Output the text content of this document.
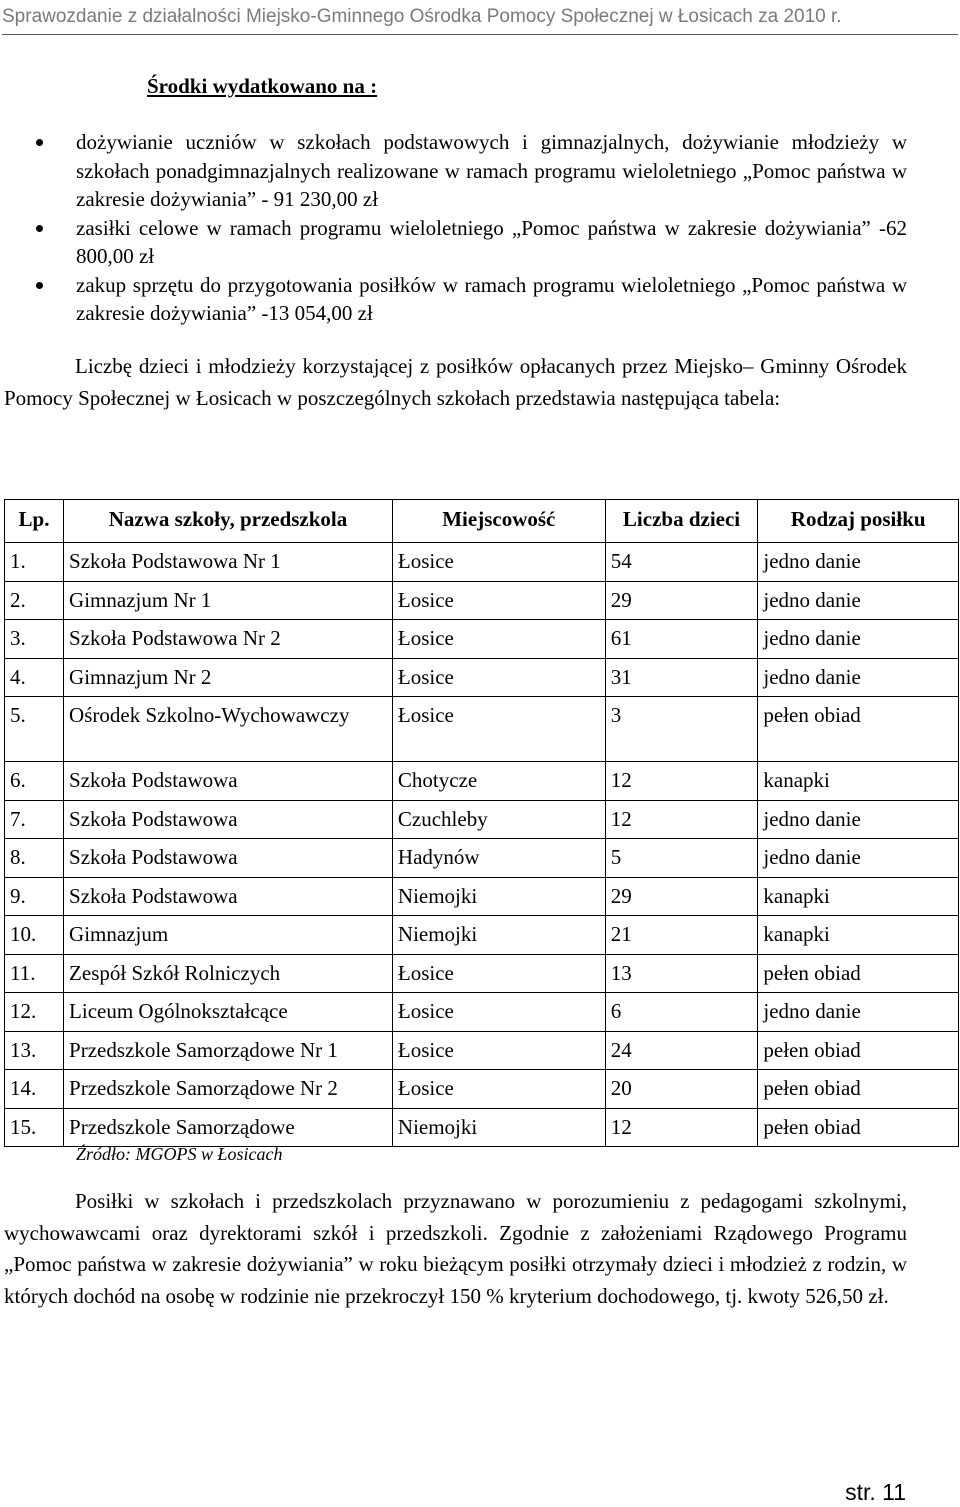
Sprawozdanie z działalności Miejsko-Gminnego Ośrodka Pomocy Społecznej w Łosicach za 2010 r.
Środki wydatkowano na :
dożywianie uczniów w szkołach podstawowych i gimnazjalnych, dożywianie młodzieży w szkołach ponadgimnazjalnych realizowane w ramach programu wieloletniego „Pomoc państwa w zakresie dożywiania” - 91 230,00 zł
zasiłki celowe w ramach programu wieloletniego „Pomoc państwa w zakresie dożywiania” -62 800,00 zł
zakup sprzętu do przygotowania posiłków w ramach programu wieloletniego „Pomoc państwa w zakresie dożywiania” -13 054,00 zł

Liczbę dzieci i młodzieży korzystającej z posiłków opłacanych przez Miejsko– Gminny Ośrodek Pomocy Społecznej w Łosicach w poszczególnych szkołach przedstawia następująca tabela:

Lp.	Nazwa szkoły, przedszkola	Miejscowość	Liczba dzieci	Rodzaj posiłku
1.	Szkoła Podstawowa Nr 1	Łosice	54	jedno danie
2.	Gimnazjum Nr 1	Łosice	29	jedno danie
3.	Szkoła Podstawowa Nr 2	Łosice	61	jedno danie
4.	Gimnazjum Nr 2	Łosice	31	jedno danie
5.	Ośrodek Szkolno-Wychowawczy	Łosice	3	pełen obiad
6.	Szkoła Podstawowa	Chotycze	12	kanapki
7.	Szkoła Podstawowa	Czuchleby	12	jedno danie
8.	Szkoła Podstawowa	Hadynów	5	jedno danie
9.	Szkoła Podstawowa	Niemojki	29	kanapki
10.	Gimnazjum	Niemojki	21	kanapki
11.	Zespół Szkół Rolniczych	Łosice	13	pełen obiad
12.	Liceum Ogólnokształcące	Łosice	6	jedno danie
13.	Przedszkole Samorządowe Nr 1	Łosice	24	pełen obiad
14.	Przedszkole Samorządowe Nr 2	Łosice	20	pełen obiad
15.	Przedszkole Samorządowe	Niemojki	12	pełen obiad
Źródło: MGOPS w Łosicach

Posiłki w szkołach i przedszkolach przyznawano w porozumieniu z pedagogami szkolnymi, wychowawcami oraz dyrektorami szkół i przedszkoli. Zgodnie z założeniami Rządowego Programu „Pomoc państwa w zakresie dożywiania” w roku bieżącym posiłki otrzymały dzieci i młodzież z rodzin, w których dochód na osobę w rodzinie nie przekroczył 150 % kryterium dochodowego, tj. kwoty 526,50 zł.

str. 11
